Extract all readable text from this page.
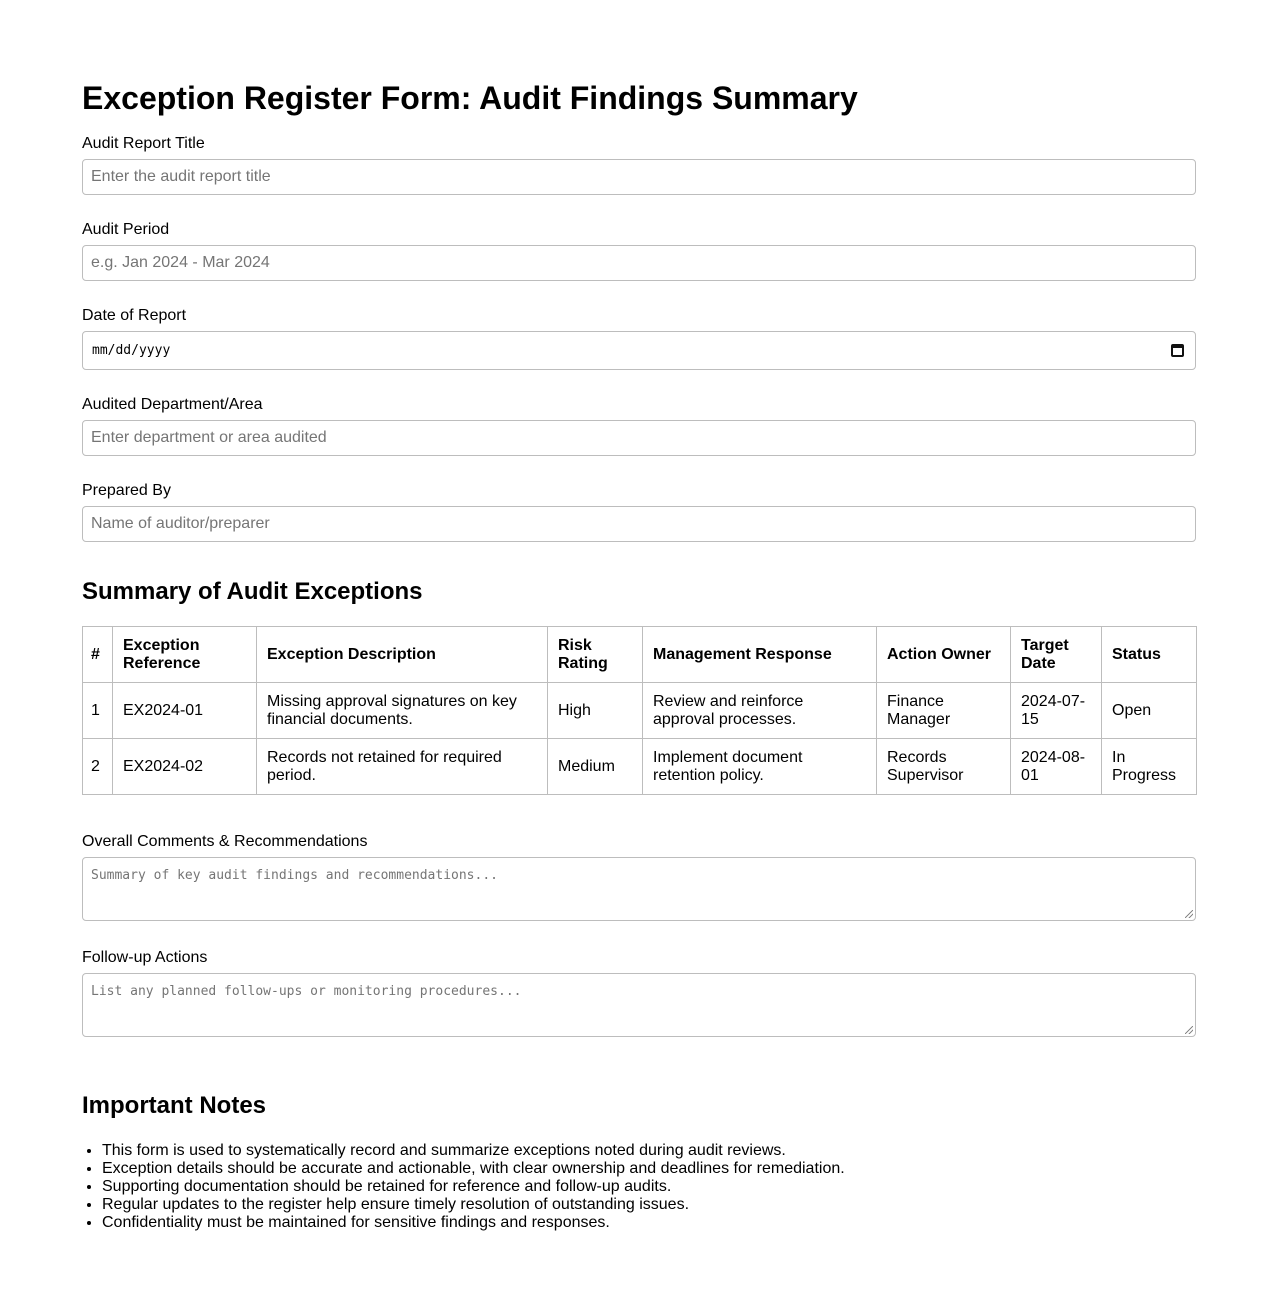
Exception Register Form: Audit Findings Summary
Audit Report Title
Enter the audit report title
Audit Period
e.g. Jan 2024 - Mar 2024
Date of Report
mm/dd/yyyy
Audited Department/Area
Enter department or area audited
Prepared By
Name of auditor/preparer
Summary of Audit Exceptions
#	Exception Reference	Exception Description	Risk Rating	Management Response	Action Owner	Target Date	Status
1	EX2024-01	Missing approval signatures on key financial documents.	High	Review and reinforce approval processes.	Finance Manager	2024-07-15	Open
2	EX2024-02	Records not retained for required period.	Medium	Implement document retention policy.	Records Supervisor	2024-08-01	In Progress
Overall Comments & Recommendations
Summary of key audit findings and recommendations...
Follow-up Actions
List any planned follow-ups or monitoring procedures...
Important Notes
• This form is used to systematically record and summarize exceptions noted during audit reviews.
• Exception details should be accurate and actionable, with clear ownership and deadlines for remediation.
• Supporting documentation should be retained for reference and follow-up audits.
• Regular updates to the register help ensure timely resolution of outstanding issues.
• Confidentiality must be maintained for sensitive findings and responses.
